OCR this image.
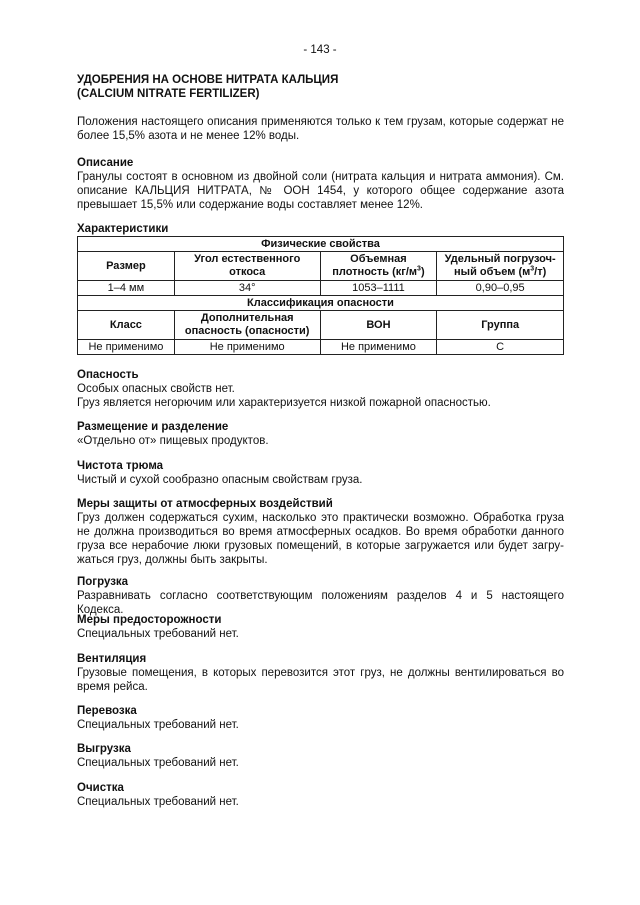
- 143 -
УДОБРЕНИЯ НА ОСНОВЕ НИТРАТА КАЛЬЦИЯ
(CALCIUM NITRATE FERTILIZER)
Положения настоящего описания применяются только к тем грузам, которые содержат не более 15,5% азота и не менее 12% воды.

Описание

Гранулы состоят в основном из двойной соли (нитрата кальция и нитрата аммония). См. описание КАЛЬЦИЯ НИТРАТА, № ООН 1454, у которого общее содержание азота превышает 15,5% или содержание воды составляет менее 12%.

Характеристики

Физические свойства			
Размер	Угол естественного откоса	Объемная плотность $(кг/м^3)$	Удельный погрузоч-ный объем $(м^3/т)$
1–4 мм	34°	1053–1111	0,90–0,95
Классификация опасности			
Класс	Дополнительная опасность (опасности)	ВОН	Группа
Не применимо	Не применимо	Не применимо	С

Опасность

Особых опасных свойств нет.

Груз является негорючим или характеризуется низкой пожарной опасностью.

Размещение и разделение

«Отдельно от» пищевых продуктов.

Чистота трюма

Чистый и сухой сообразно опасным свойствам груза.

Меры защиты от атмосферных воздействий

Груз должен содержаться сухим, насколько это практически возможно. Обработка груза не должна производиться во время атмосферных осадков. Во время обработки данного груза все нерабочие люки грузовых помещений, в которые загружается или будет загру-жаться груз, должны быть закрыты.

Погрузка

Разравнивать согласно соответствующим положениям разделов 4 и 5 настоящего Кодекса.

Меры предосторожности

Специальных требований нет.

Вентиляция

Грузовые помещения, в которых перевозится этот груз, не должны вентилироваться во время рейса.

Перевозка

Специальных требований нет.

Выгрузка

Специальных требований нет.

Очистка

Специальных требований нет.
